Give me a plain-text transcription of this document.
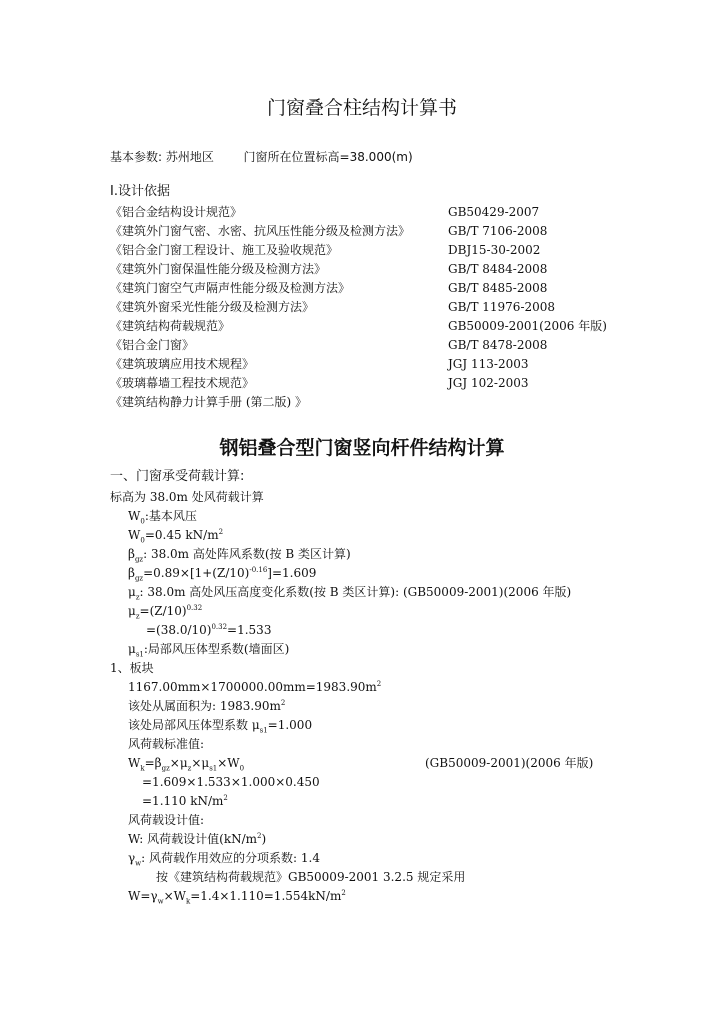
门窗叠合柱结构计算书
基本参数: 苏州地区 门窗所在位置标高=38.000(m)
Ⅰ.设计依据
《铝合金结构设计规范》	GB50429-2007
《建筑外门窗气密、水密、抗风压性能分级及检测方法》	GB/T 7106-2008
《铝合金门窗工程设计、施工及验收规范》	DBJ15-30-2002
《建筑外门窗保温性能分级及检测方法》	GB/T 8484-2008
《建筑门窗空气声隔声性能分级及检测方法》	GB/T 8485-2008
《建筑外窗采光性能分级及检测方法》	GB/T 11976-2008
《建筑结构荷载规范》	GB50009-2001(2006 年版)
《铝合金门窗》	GB/T 8478-2008
《建筑玻璃应用技术规程》	JGJ 113-2003
《玻璃幕墙工程技术规范》	JGJ 102-2003
《建筑结构静力计算手册 (第二版) 》
钢铝叠合型门窗竖向杆件结构计算
一、门窗承受荷载计算:
标高为 38.0m 处风荷载计算
$W_0$:基本风压
$W_0=0.45$ $kN/m^2$
$\beta_{gz}$: 38.0m 高处阵风系数(按 B 类区计算)
$\beta_{gz}=0.89\times[1+(Z/10)^{-0.16}]=1.609$
$\mu_z$: 38.0m 高处风压高度变化系数(按 B 类区计算): (GB50009-2001)(2006 年版)
$\mu_z=(Z/10)^{0.32}$
$=(38.0/10)^{0.32}=1.533$
$\mu_{s1}$:局部风压体型系数(墙面区)
1、板块
$1167.00mm\times 1700000.00mm=1983.90m^2$
该处从属面积为: $1983.90m^2$
该处局部风压体型系数 $\mu_{s1}=1.000$
风荷载标准值:
$W_k=\beta_{gz}\times\mu_z\times\mu_{s1}\times W_0$	(GB50009-2001)(2006 年版)
=1.609×1.533×1.000×0.450
=1.110 $kN/m^2$
风荷载设计值:
W: 风荷载设计值$(kN/m^2)$
$\gamma_w$: 风荷载作用效应的分项系数: 1.4
按《建筑结构荷载规范》GB50009-2001 3.2.5 规定采用
$W=\gamma_w\times W_k=1.4\times 1.110=1.554kN/m^2$
